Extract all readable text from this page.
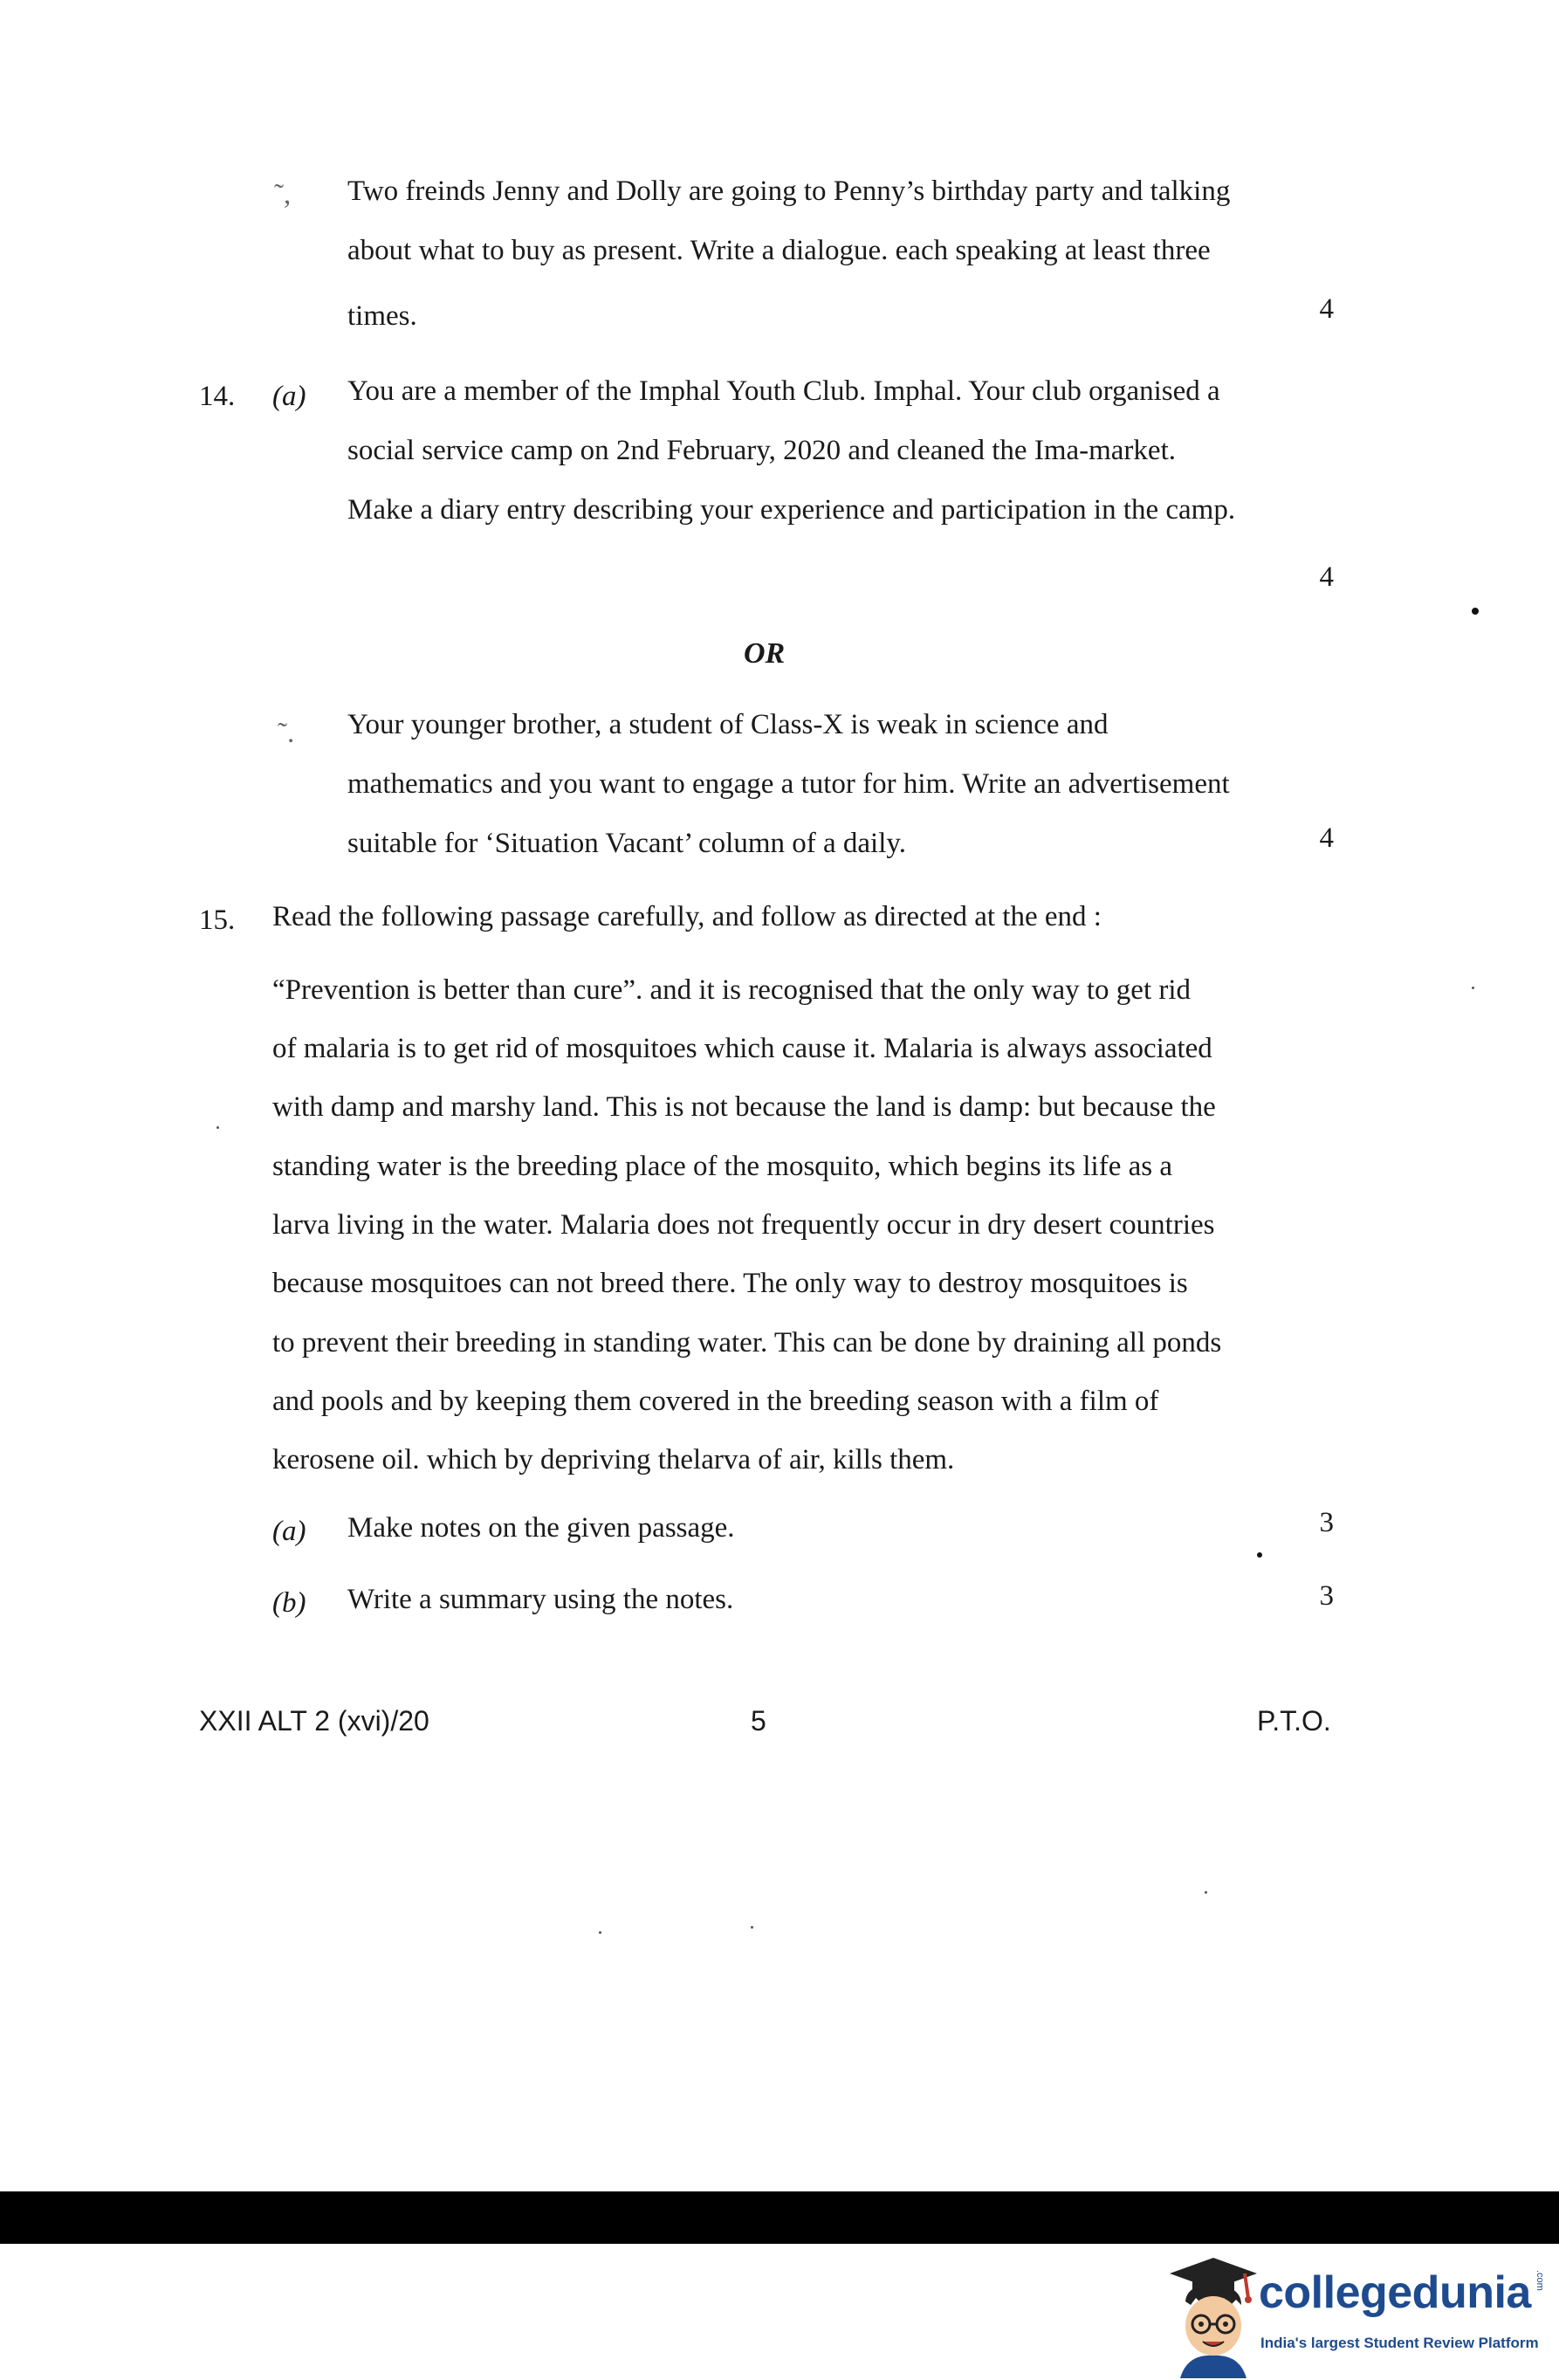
˜, Two freinds Jenny and Dolly are going to Penny’s birthday party and talking
about what to buy as present. Write a dialogue. each speaking at least three
times.	4
14. (a) You are a member of the Imphal Youth Club. Imphal. Your club organised a
social service camp on 2nd February, 2020 and cleaned the Ima-market.
Make a diary entry describing your experience and participation in the camp.
4
OR
˜. Your younger brother, a student of Class-X is weak in science and
mathematics and you want to engage a tutor for him. Write an advertisement
suitable for ‘Situation Vacant’ column of a daily.	4
15. Read the following passage carefully, and follow as directed at the end :
“Prevention is better than cure”. and it is recognised that the only way to get rid
of malaria is to get rid of mosquitoes which cause it. Malaria is always associated
with damp and marshy land. This is not because the land is damp: but because the
standing water is the breeding place of the mosquito, which begins its life as a
larva living in the water. Malaria does not frequently occur in dry desert countries
because mosquitoes can not breed there. The only way to destroy mosquitoes is
to prevent their breeding in standing water. This can be done by draining all ponds
and pools and by keeping them covered in the breeding season with a film of
kerosene oil. which by depriving thelarva of air, kills them.
(a) Make notes on the given passage.	3
(b) Write a summary using the notes.	3
XXII ALT 2 (xvi)/20	5	P.T.O.
collegedunia .com
India's largest Student Review Platform
